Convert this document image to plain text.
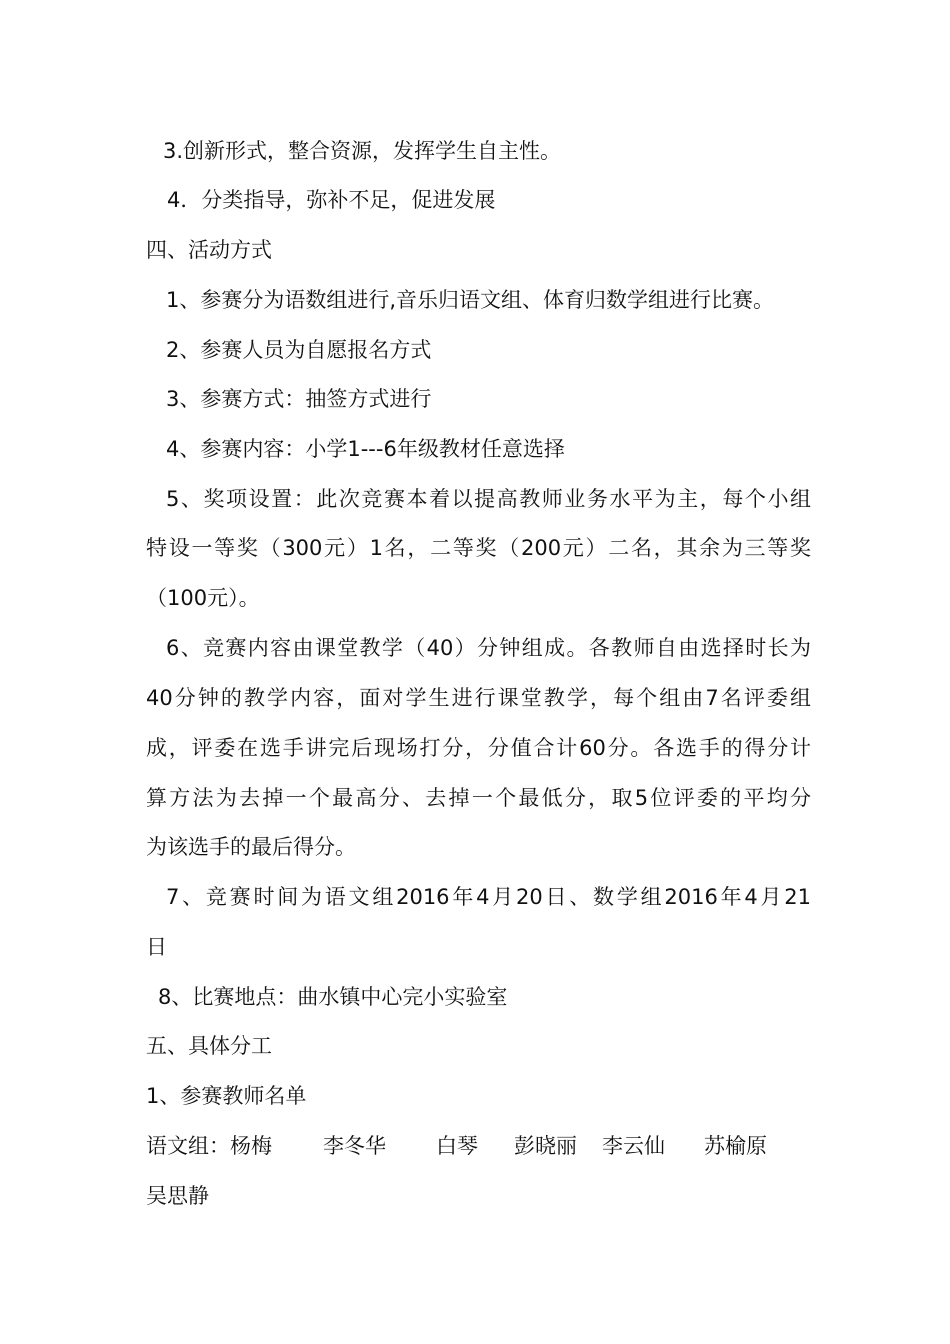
3.创新形式，整合资源，发挥学生自主性。
4．分类指导，弥补不足，促进发展
四、活动方式
1、参赛分为语数组进行,音乐归语文组、体育归数学组进行比赛。
2、参赛人员为自愿报名方式
3、参赛方式：抽签方式进行
4、参赛内容：小学1---6年级教材任意选择
5、奖项设置：此次竞赛本着以提高教师业务水平为主，每个小组
特设一等奖（300元）1名，二等奖（200元）二名，其余为三等奖
（100元）。
6、竞赛内容由课堂教学（40）分钟组成。各教师自由选择时长为
40分钟的教学内容，面对学生进行课堂教学，每个组由7名评委组
成，评委在选手讲完后现场打分，分值合计60分。各选手的得分计
算方法为去掉一个最高分、去掉一个最低分，取5位评委的平均分
为该选手的最后得分。
7、竞赛时间为语文组2016年4月20日、数学组2016年4月21
日
8、比赛地点：曲水镇中心完小实验室
五、具体分工
1、参赛教师名单
语文组：杨梅 李冬华 白琴 彭晓丽 李云仙 苏榆原
吴思静
